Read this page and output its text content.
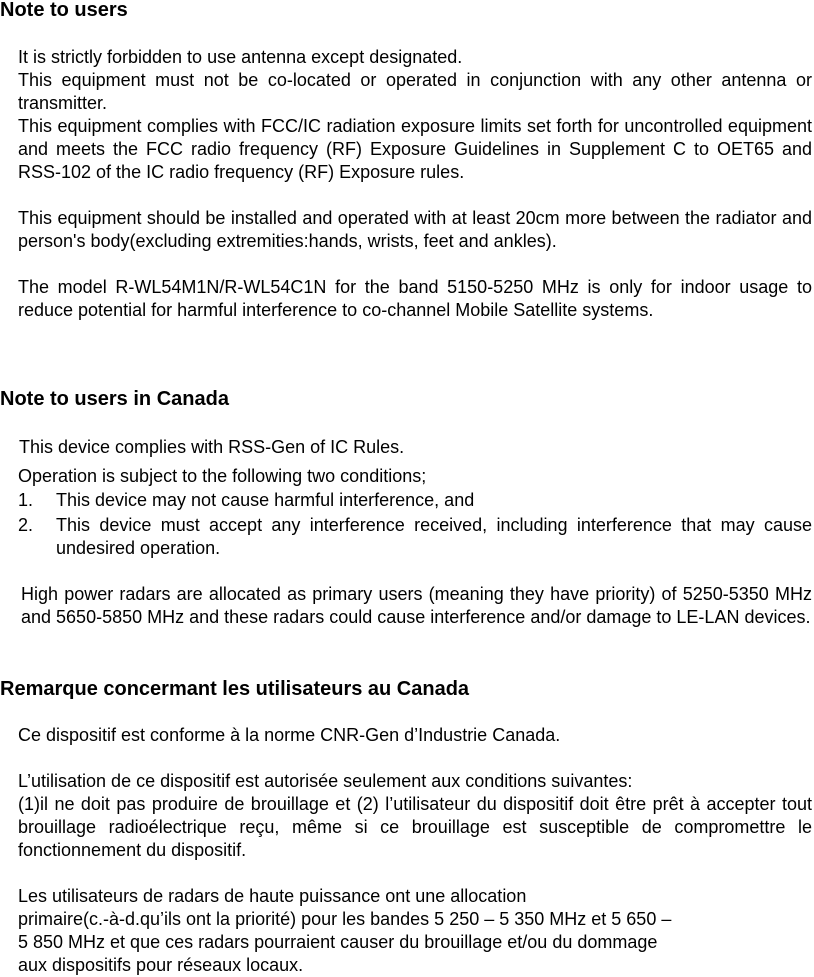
Note to users

It is strictly forbidden to use antenna except designated.

This equipment must not be co-located or operated in conjunction with any other antenna or transmitter.

This equipment complies with FCC/IC radiation exposure limits set forth for uncontrolled equipment and meets the FCC radio frequency (RF) Exposure Guidelines in Supplement C to OET65 and RSS-102 of the IC radio frequency (RF) Exposure rules.

This equipment should be installed and operated with at least 20cm more between the radiator and person's body(excluding extremities:hands, wrists, feet and ankles).

The model R-WL54M1N/R-WL54C1N for the band 5150-5250 MHz is only for indoor usage to reduce potential for harmful interference to co-channel Mobile Satellite systems.

Note to users in Canada
This device complies with RSS-Gen of IC Rules.
Operation is subject to the following two conditions;
1. This device may not cause harmful interference, and
2. This device must accept any interference received, including interference that may cause undesired operation.

High power radars are allocated as primary users (meaning they have priority) of 5250-5350 MHz and 5650-5850 MHz and these radars could cause interference and/or damage to LE-LAN devices.

Remarque concermant les utilisateurs au Canada
Ce dispositif est conforme à la norme CNR-Gen d’Industrie Canada.
L’utilisation de ce dispositif est autorisée seulement aux conditions suivantes:

(1)il ne doit pas produire de brouillage et (2) l’utilisateur du dispositif doit être prêt à accepter tout brouillage radioélectrique reçu, même si ce brouillage est susceptible de compromettre le fonctionnement du dispositif.

Les utilisateurs de radars de haute puissance ont une allocation
primaire(c.-à-d.qu’ils ont la priorité) pour les bandes 5 250 – 5 350 MHz et 5 650 –
5 850 MHz et que ces radars pourraient causer du brouillage et/ou du dommage
aux dispositifs pour réseaux locaux.
